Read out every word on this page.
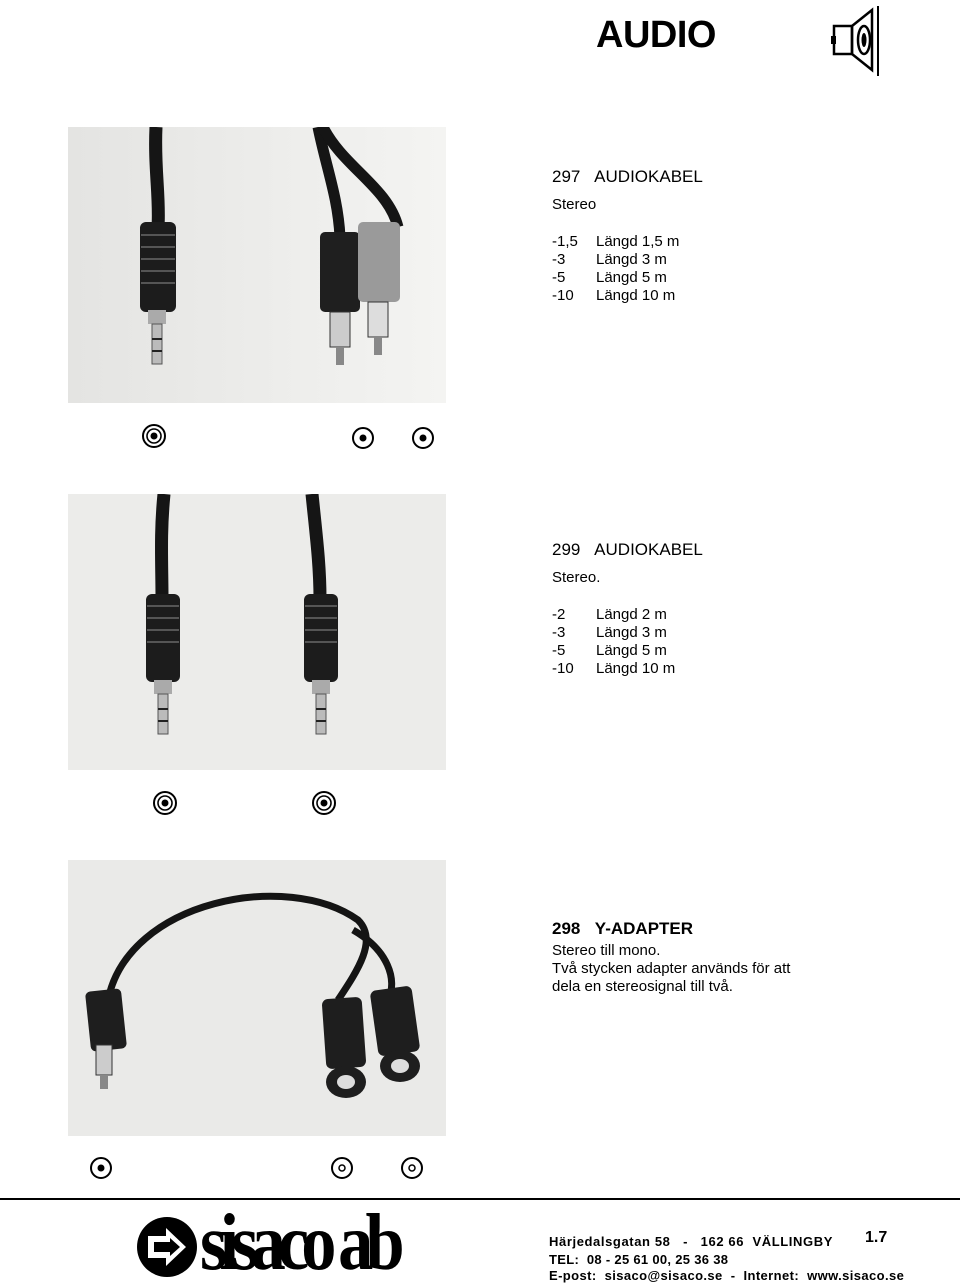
AUDIO
297 AUDIOKABEL
Stereo
-1,5	Längd 1,5 m
-3	Längd 3 m
-5	Längd 5 m
-10	Längd 10 m
299 AUDIOKABEL
Stereo.
-2	Längd 2 m
-3	Längd 3 m
-5	Längd 5 m
-10	Längd 10 m
298 Y-ADAPTER
Stereo till mono.
Två stycken adapter används för att
dela en stereosignal till två.
sisaco ab	Härjedalsgatan 58   -   162 66  VÄLLINGBY 1.7
TEL:  08 - 25 61 00, 25 36 38
E-post:  sisaco@sisaco.se  -  Internet:  www.sisaco.se
